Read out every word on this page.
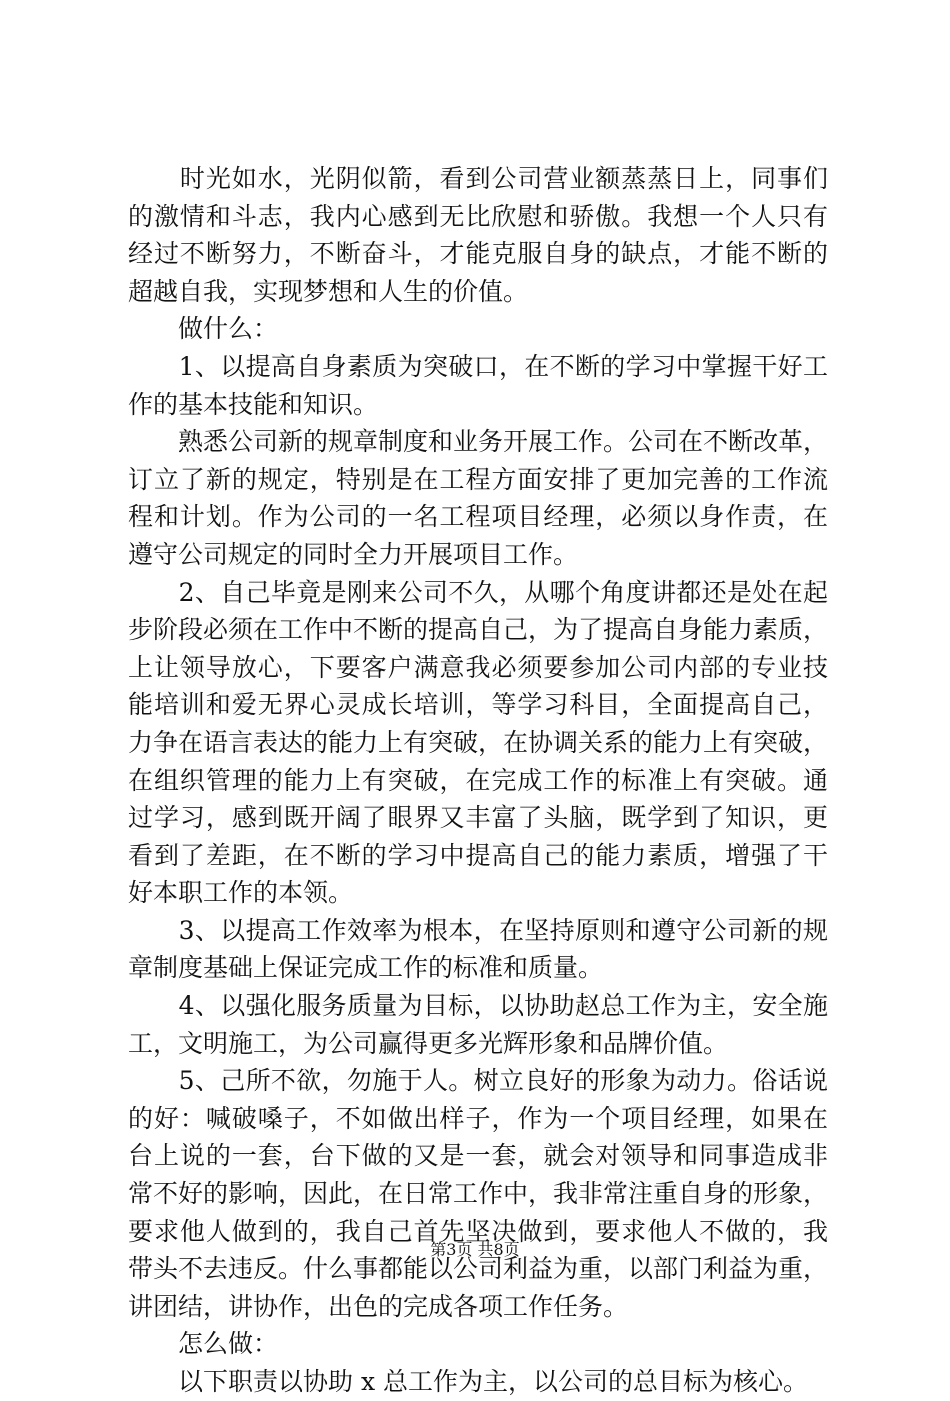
　　时光如水，光阴似箭，看到公司营业额蒸蒸日上，同事们
的激情和斗志，我内心感到无比欣慰和骄傲。我想一个人只有
经过不断努力，不断奋斗，才能克服自身的缺点，才能不断的
超越自我，实现梦想和人生的价值。
　　做什么：
　　1、以提高自身素质为突破口，在不断的学习中掌握干好工
作的基本技能和知识。
　　熟悉公司新的规章制度和业务开展工作。公司在不断改革，
订立了新的规定，特别是在工程方面安排了更加完善的工作流
程和计划。作为公司的一名工程项目经理，必须以身作责，在
遵守公司规定的同时全力开展项目工作。
　　2、自己毕竟是刚来公司不久，从哪个角度讲都还是处在起
步阶段必须在工作中不断的提高自己，为了提高自身能力素质，
上让领导放心，下要客户满意我必须要参加公司内部的专业技
能培训和爱无界心灵成长培训，等学习科目，全面提高自己，
力争在语言表达的能力上有突破，在协调关系的能力上有突破，
在组织管理的能力上有突破，在完成工作的标准上有突破。通
过学习，感到既开阔了眼界又丰富了头脑，既学到了知识，更
看到了差距，在不断的学习中提高自己的能力素质，增强了干
好本职工作的本领。
　　3、以提高工作效率为根本，在坚持原则和遵守公司新的规
章制度基础上保证完成工作的标准和质量。
　　4、以强化服务质量为目标，以协助赵总工作为主，安全施
工，文明施工，为公司赢得更多光辉形象和品牌价值。
　　5、己所不欲，勿施于人。树立良好的形象为动力。俗话说
的好：喊破嗓子，不如做出样子，作为一个项目经理，如果在
台上说的一套，台下做的又是一套，就会对领导和同事造成非
常不好的影响，因此，在日常工作中，我非常注重自身的形象，
要求他人做到的，我自己首先坚决做到，要求他人不做的，我
带头不去违反。什么事都能以公司利益为重，以部门利益为重，
讲团结，讲协作，出色的完成各项工作任务。
　　怎么做：
　　以下职责以协助 x 总工作为主，以公司的总目标为核心。
第3页 共8页
